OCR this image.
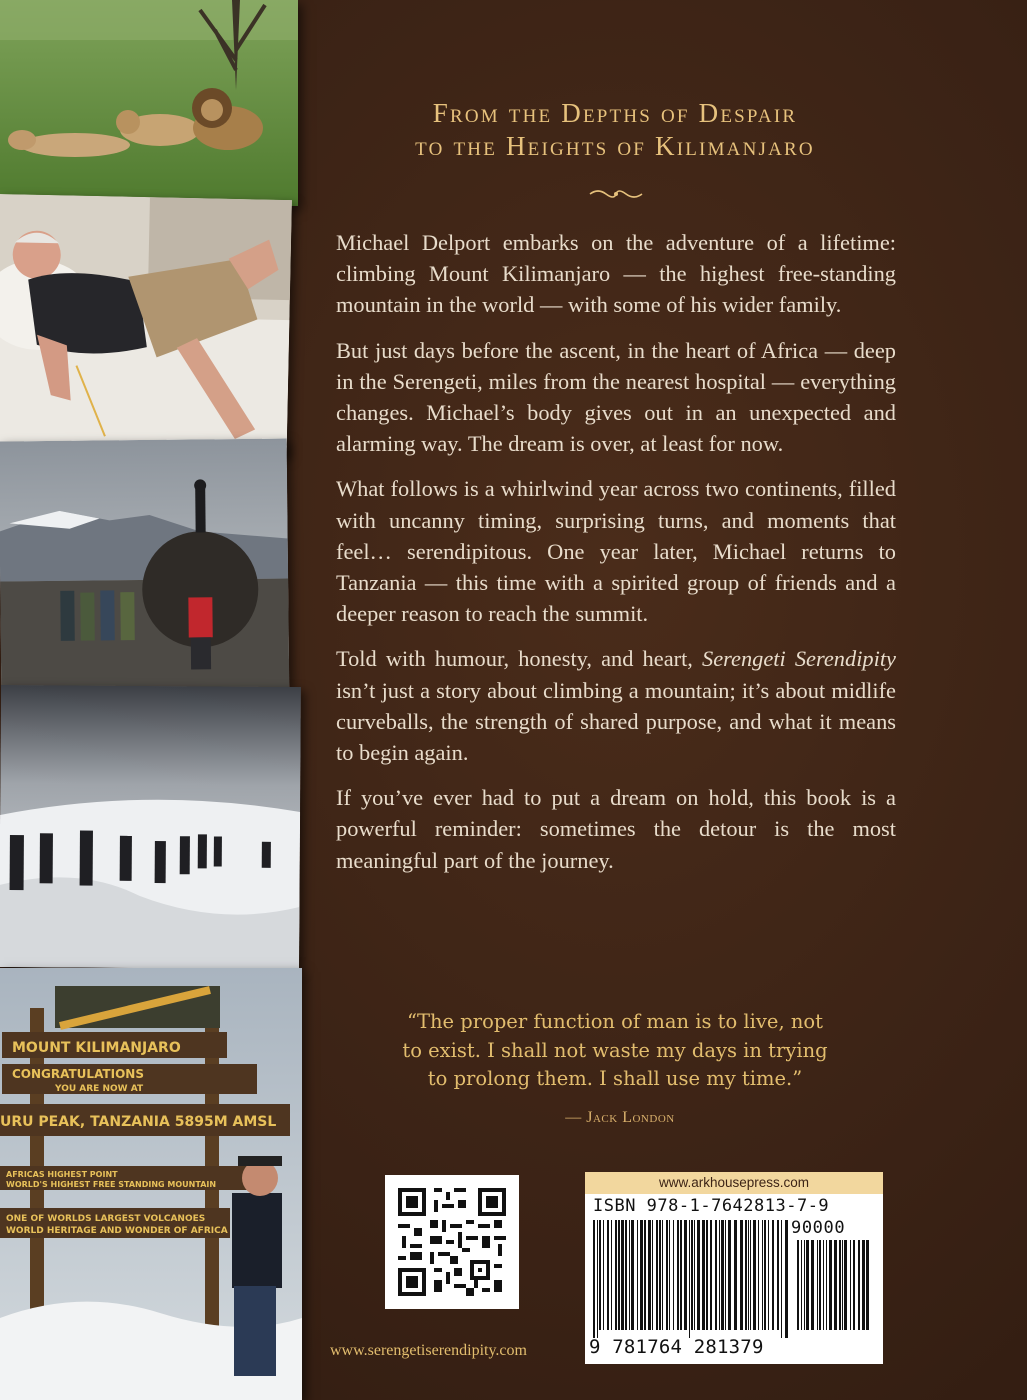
MOUNT KILIMANJARO
CONGRATULATIONS
YOU ARE NOW AT
URU PEAK, TANZANIA 5895M AMSL
AFRICAS HIGHEST POINT
WORLD'S HIGHEST FREE STANDING MOUNTAIN
ONE OF WORLDS LARGEST VOLCANOES
WORLD HERITAGE AND WONDER OF AFRICA
From the Depths of Despair
to the Heights of Kilimanjaro

Michael Delport embarks on the adventure of a lifetime: climbing Mount Kilimanjaro — the highest free-standing mountain in the world — with some of his wider family.

But just days before the ascent, in the heart of Africa — deep in the Serengeti, miles from the nearest hospital — everything changes. Michael’s body gives out in an unexpected and alarming way. The dream is over, at least for now.

What follows is a whirlwind year across two continents, filled with uncanny timing, surprising turns, and moments that feel… serendipitous. One year later, Michael returns to Tanzania — this time with a spirited group of friends and a deeper reason to reach the summit.

Told with humour, honesty, and heart, Serengeti Serendipity isn’t just a story about climbing a mountain; it’s about midlife curveballs, the strength of shared purpose, and what it means to begin again.

If you’ve ever had to put a dream on hold, this book is a powerful reminder: sometimes the detour is the most meaningful part of the journey.

“The proper function of man is to live, not
to exist. I shall not waste my days in trying
to prolong them. I shall use my time.”
— Jack London
www.arkhousepress.com
ISBN 978-1-7642813-7-9
90000
9 781764 281379
www.serengetiserendipity.com
